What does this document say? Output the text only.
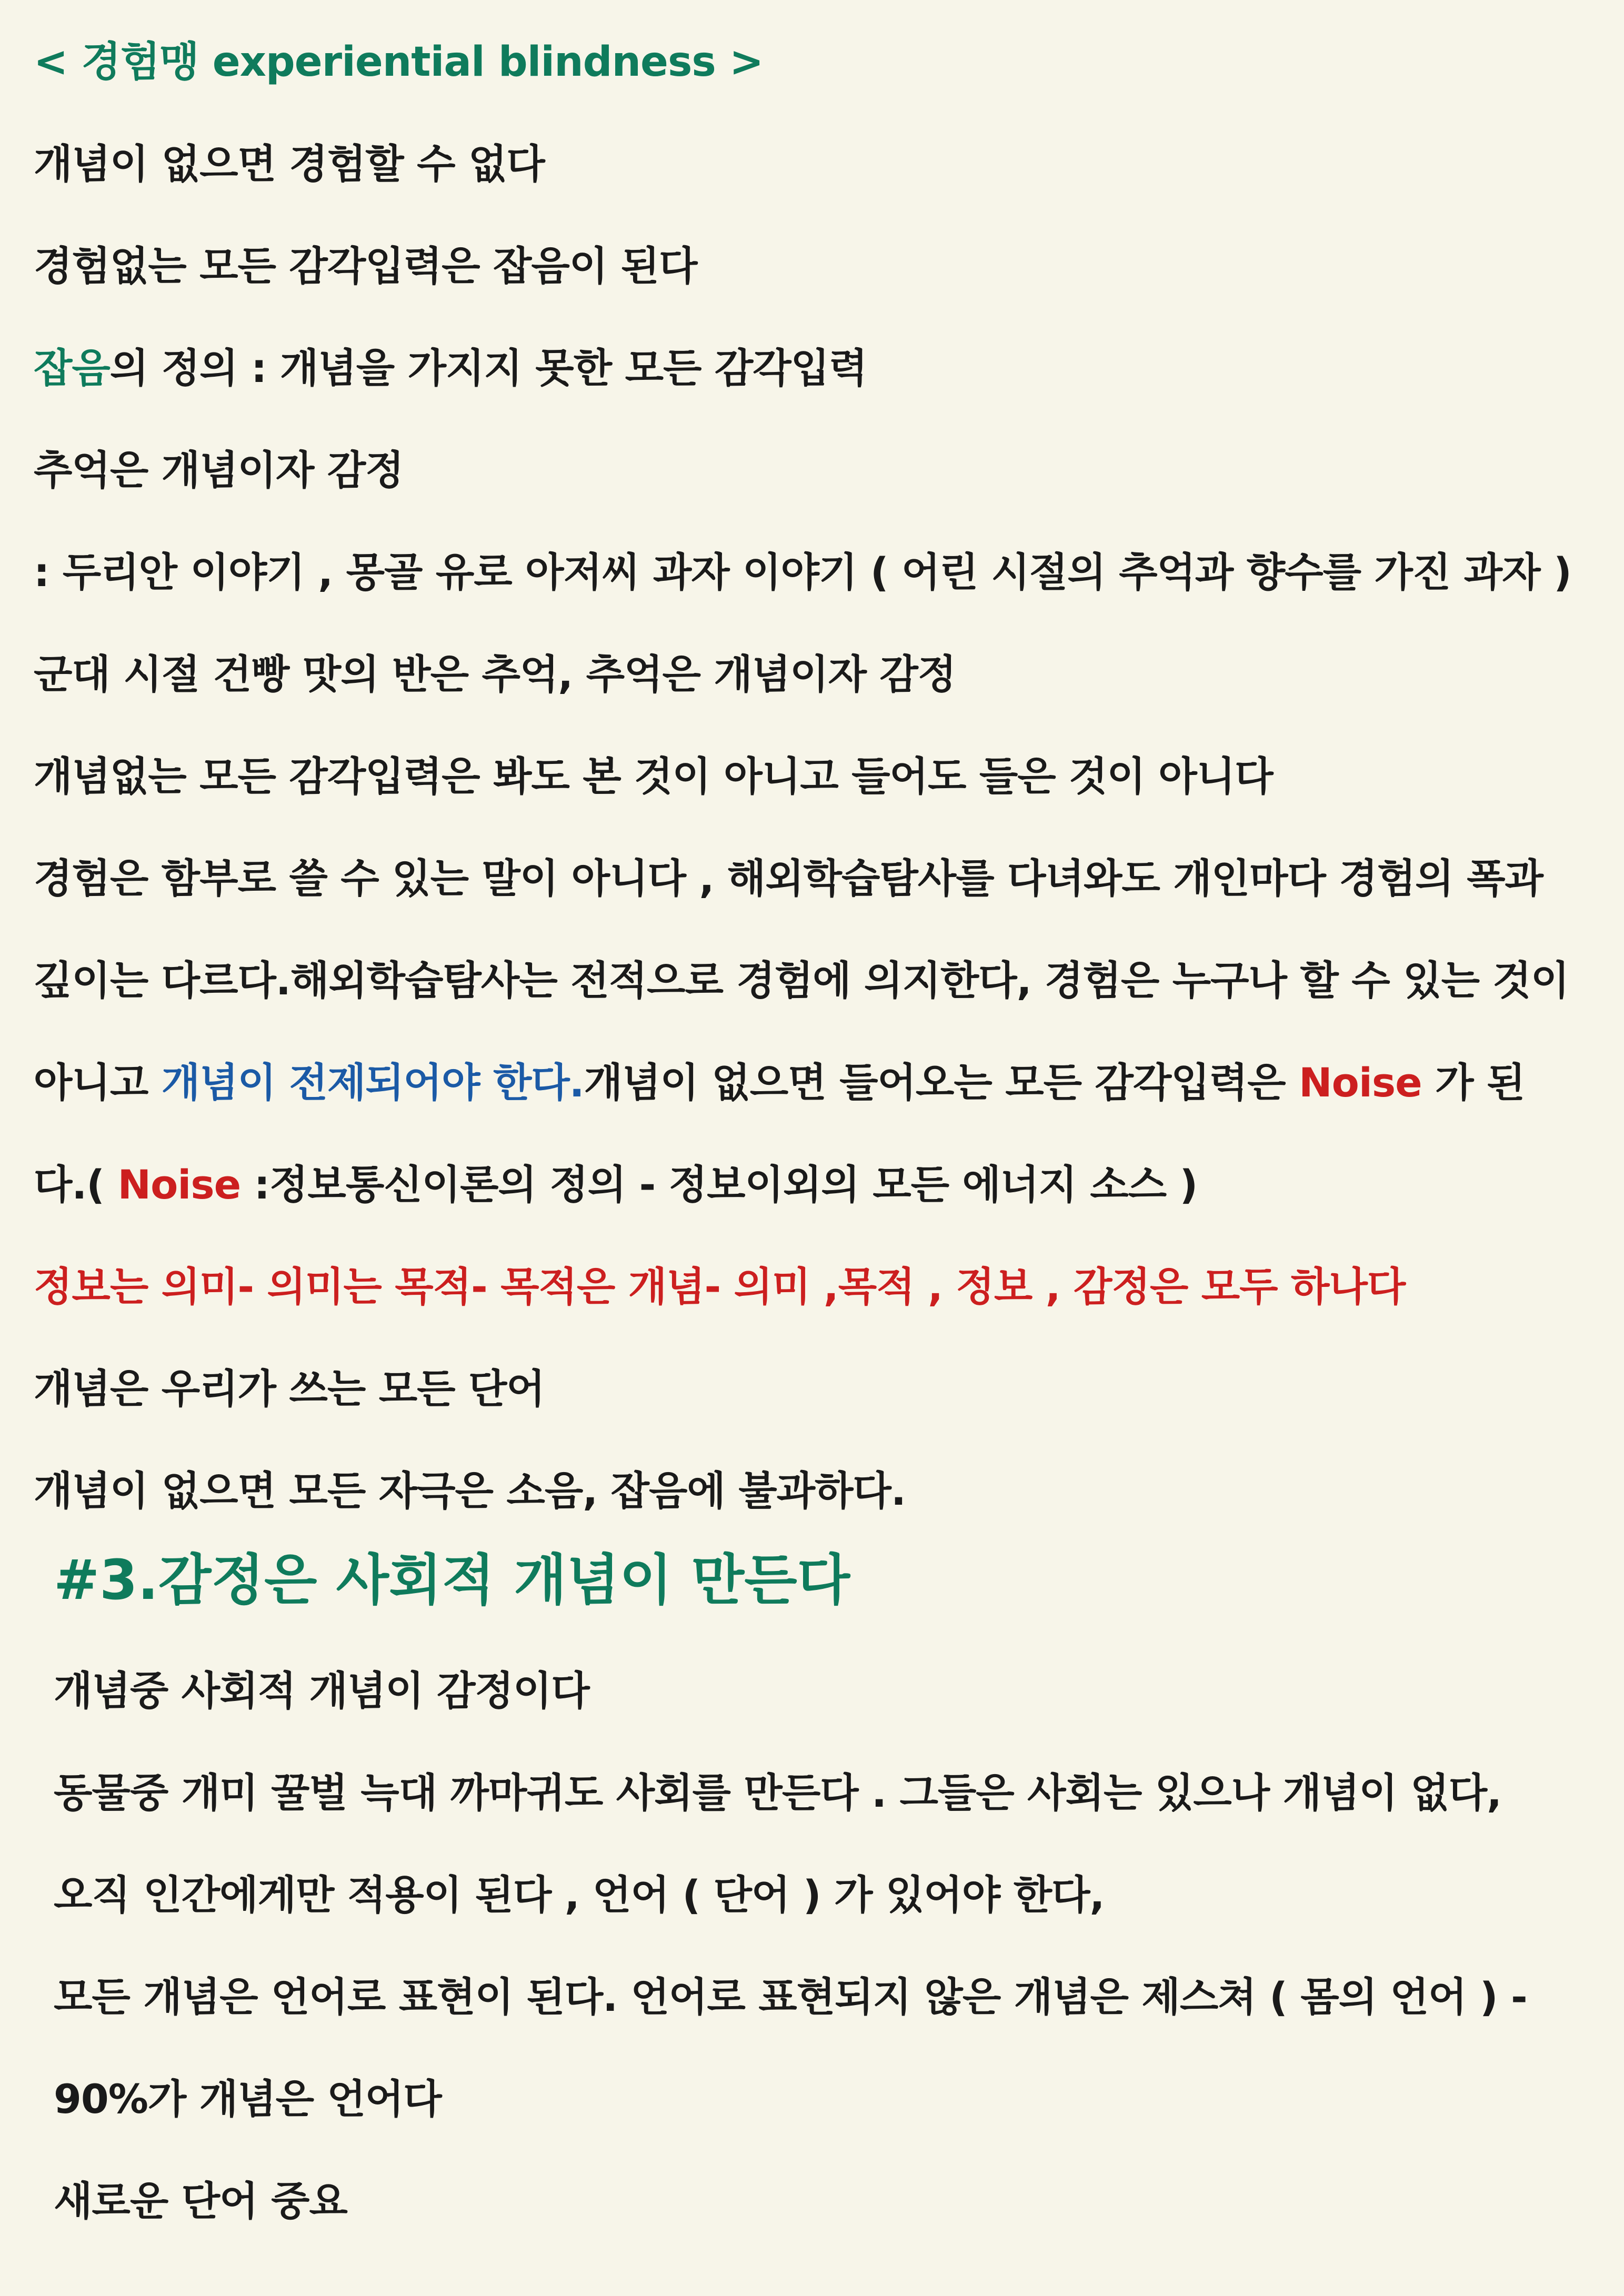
< 경험맹 experiential blindness >
개념이 없으면 경험할 수 없다
경험없는 모든 감각입력은 잡음이 된다
잡음의 정의 : 개념을 가지지 못한 모든 감각입력
추억은 개념이자 감정
: 두리안 이야기 , 몽골 유로 아저씨 과자 이야기 ( 어린 시절의 추억과 향수를 가진 과자 )
군대 시절 건빵 맛의 반은 추억, 추억은 개념이자 감정
개념없는 모든 감각입력은 봐도 본 것이 아니고 들어도 들은 것이 아니다
경험은 함부로 쓸 수 있는 말이 아니다 , 해외학습탐사를 다녀와도 개인마다 경험의 폭과
깊이는 다르다.해외학습탐사는 전적으로 경험에 의지한다, 경험은 누구나 할 수 있는 것이
아니고 개념이 전제되어야 한다.개념이 없으면 들어오는 모든 감각입력은 Noise 가 된
다.( Noise :정보통신이론의 정의 - 정보이외의 모든 에너지 소스 )
정보는 의미- 의미는 목적- 목적은 개념- 의미 ,목적 , 정보 , 감정은 모두 하나다
개념은 우리가 쓰는 모든 단어
개념이 없으면 모든 자극은 소음, 잡음에 불과하다.
#3.감정은 사회적 개념이 만든다
개념중 사회적 개념이 감정이다
동물중 개미 꿀벌 늑대 까마귀도 사회를 만든다 . 그들은 사회는 있으나 개념이 없다,
오직 인간에게만 적용이 된다 , 언어 ( 단어 ) 가 있어야 한다,
모든 개념은 언어로 표현이 된다. 언어로 표현되지 않은 개념은 제스쳐 ( 몸의 언어 ) -
90%가 개념은 언어다
새로운 단어 중요
